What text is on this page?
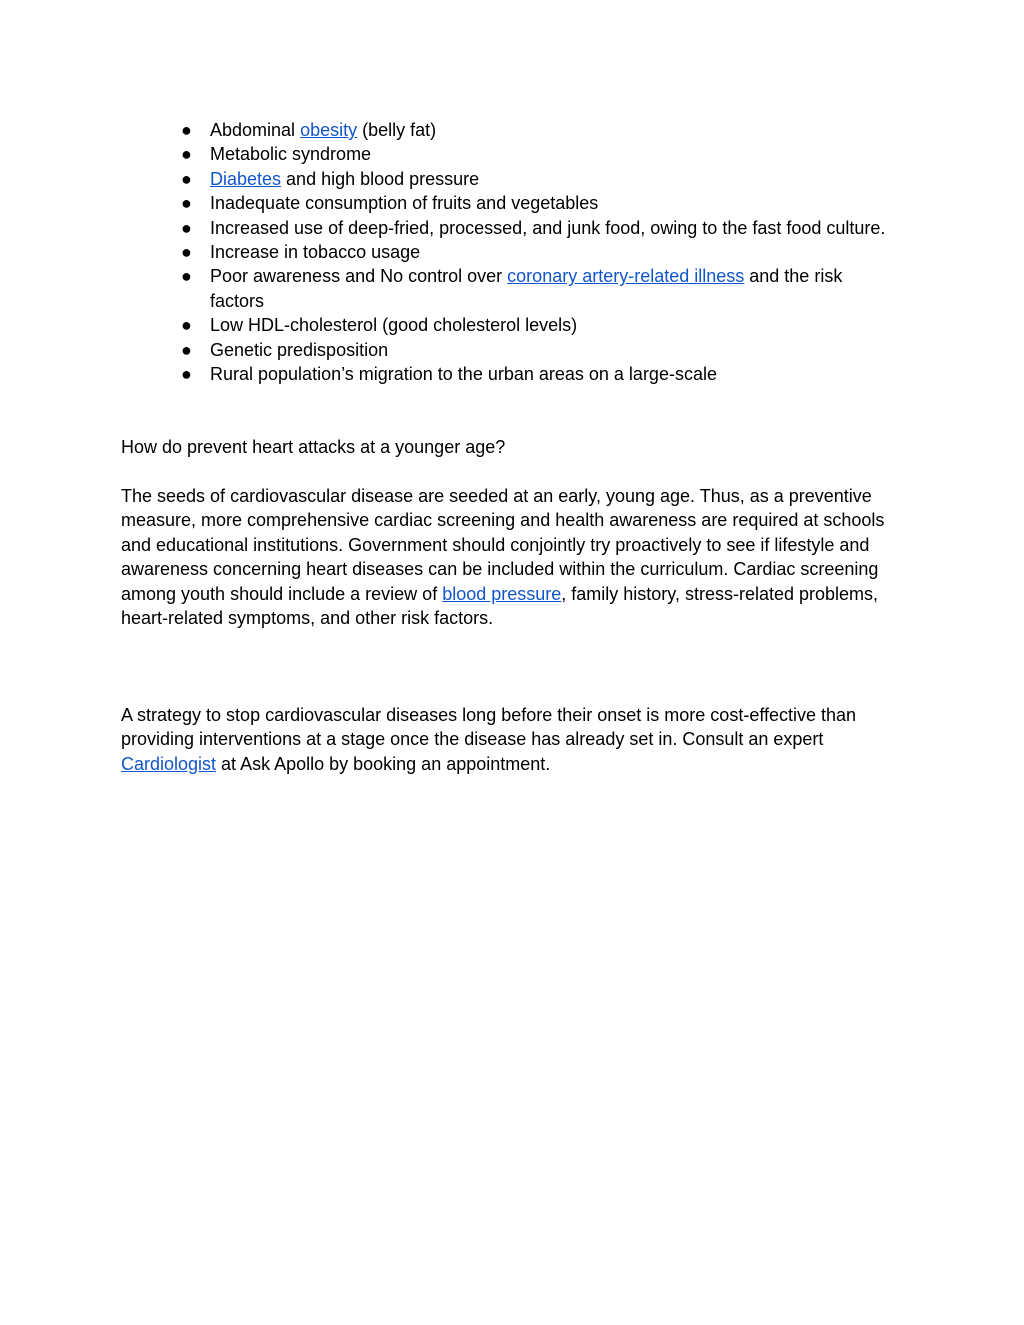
● Abdominal obesity (belly fat)
● Metabolic syndrome
● Diabetes and high blood pressure
● Inadequate consumption of fruits and vegetables
● Increased use of deep-fried, processed, and junk food, owing to the fast food culture.
● Increase in tobacco usage
● Poor awareness and No control over coronary artery-related illness and the risk factors
● Low HDL-cholesterol (good cholesterol levels)
● Genetic predisposition
● Rural population’s migration to the urban areas on a large-scale

How do prevent heart attacks at a younger age?

The seeds of cardiovascular disease are seeded at an early, young age. Thus, as a preventive measure, more comprehensive cardiac screening and health awareness are required at schools and educational institutions. Government should conjointly try proactively to see if lifestyle and awareness concerning heart diseases can be included within the curriculum. Cardiac screening among youth should include a review of blood pressure, family history, stress-related problems, heart-related symptoms, and other risk factors.

A strategy to stop cardiovascular diseases long before their onset is more cost-effective than providing interventions at a stage once the disease has already set in. Consult an expert Cardiologist at Ask Apollo by booking an appointment.
